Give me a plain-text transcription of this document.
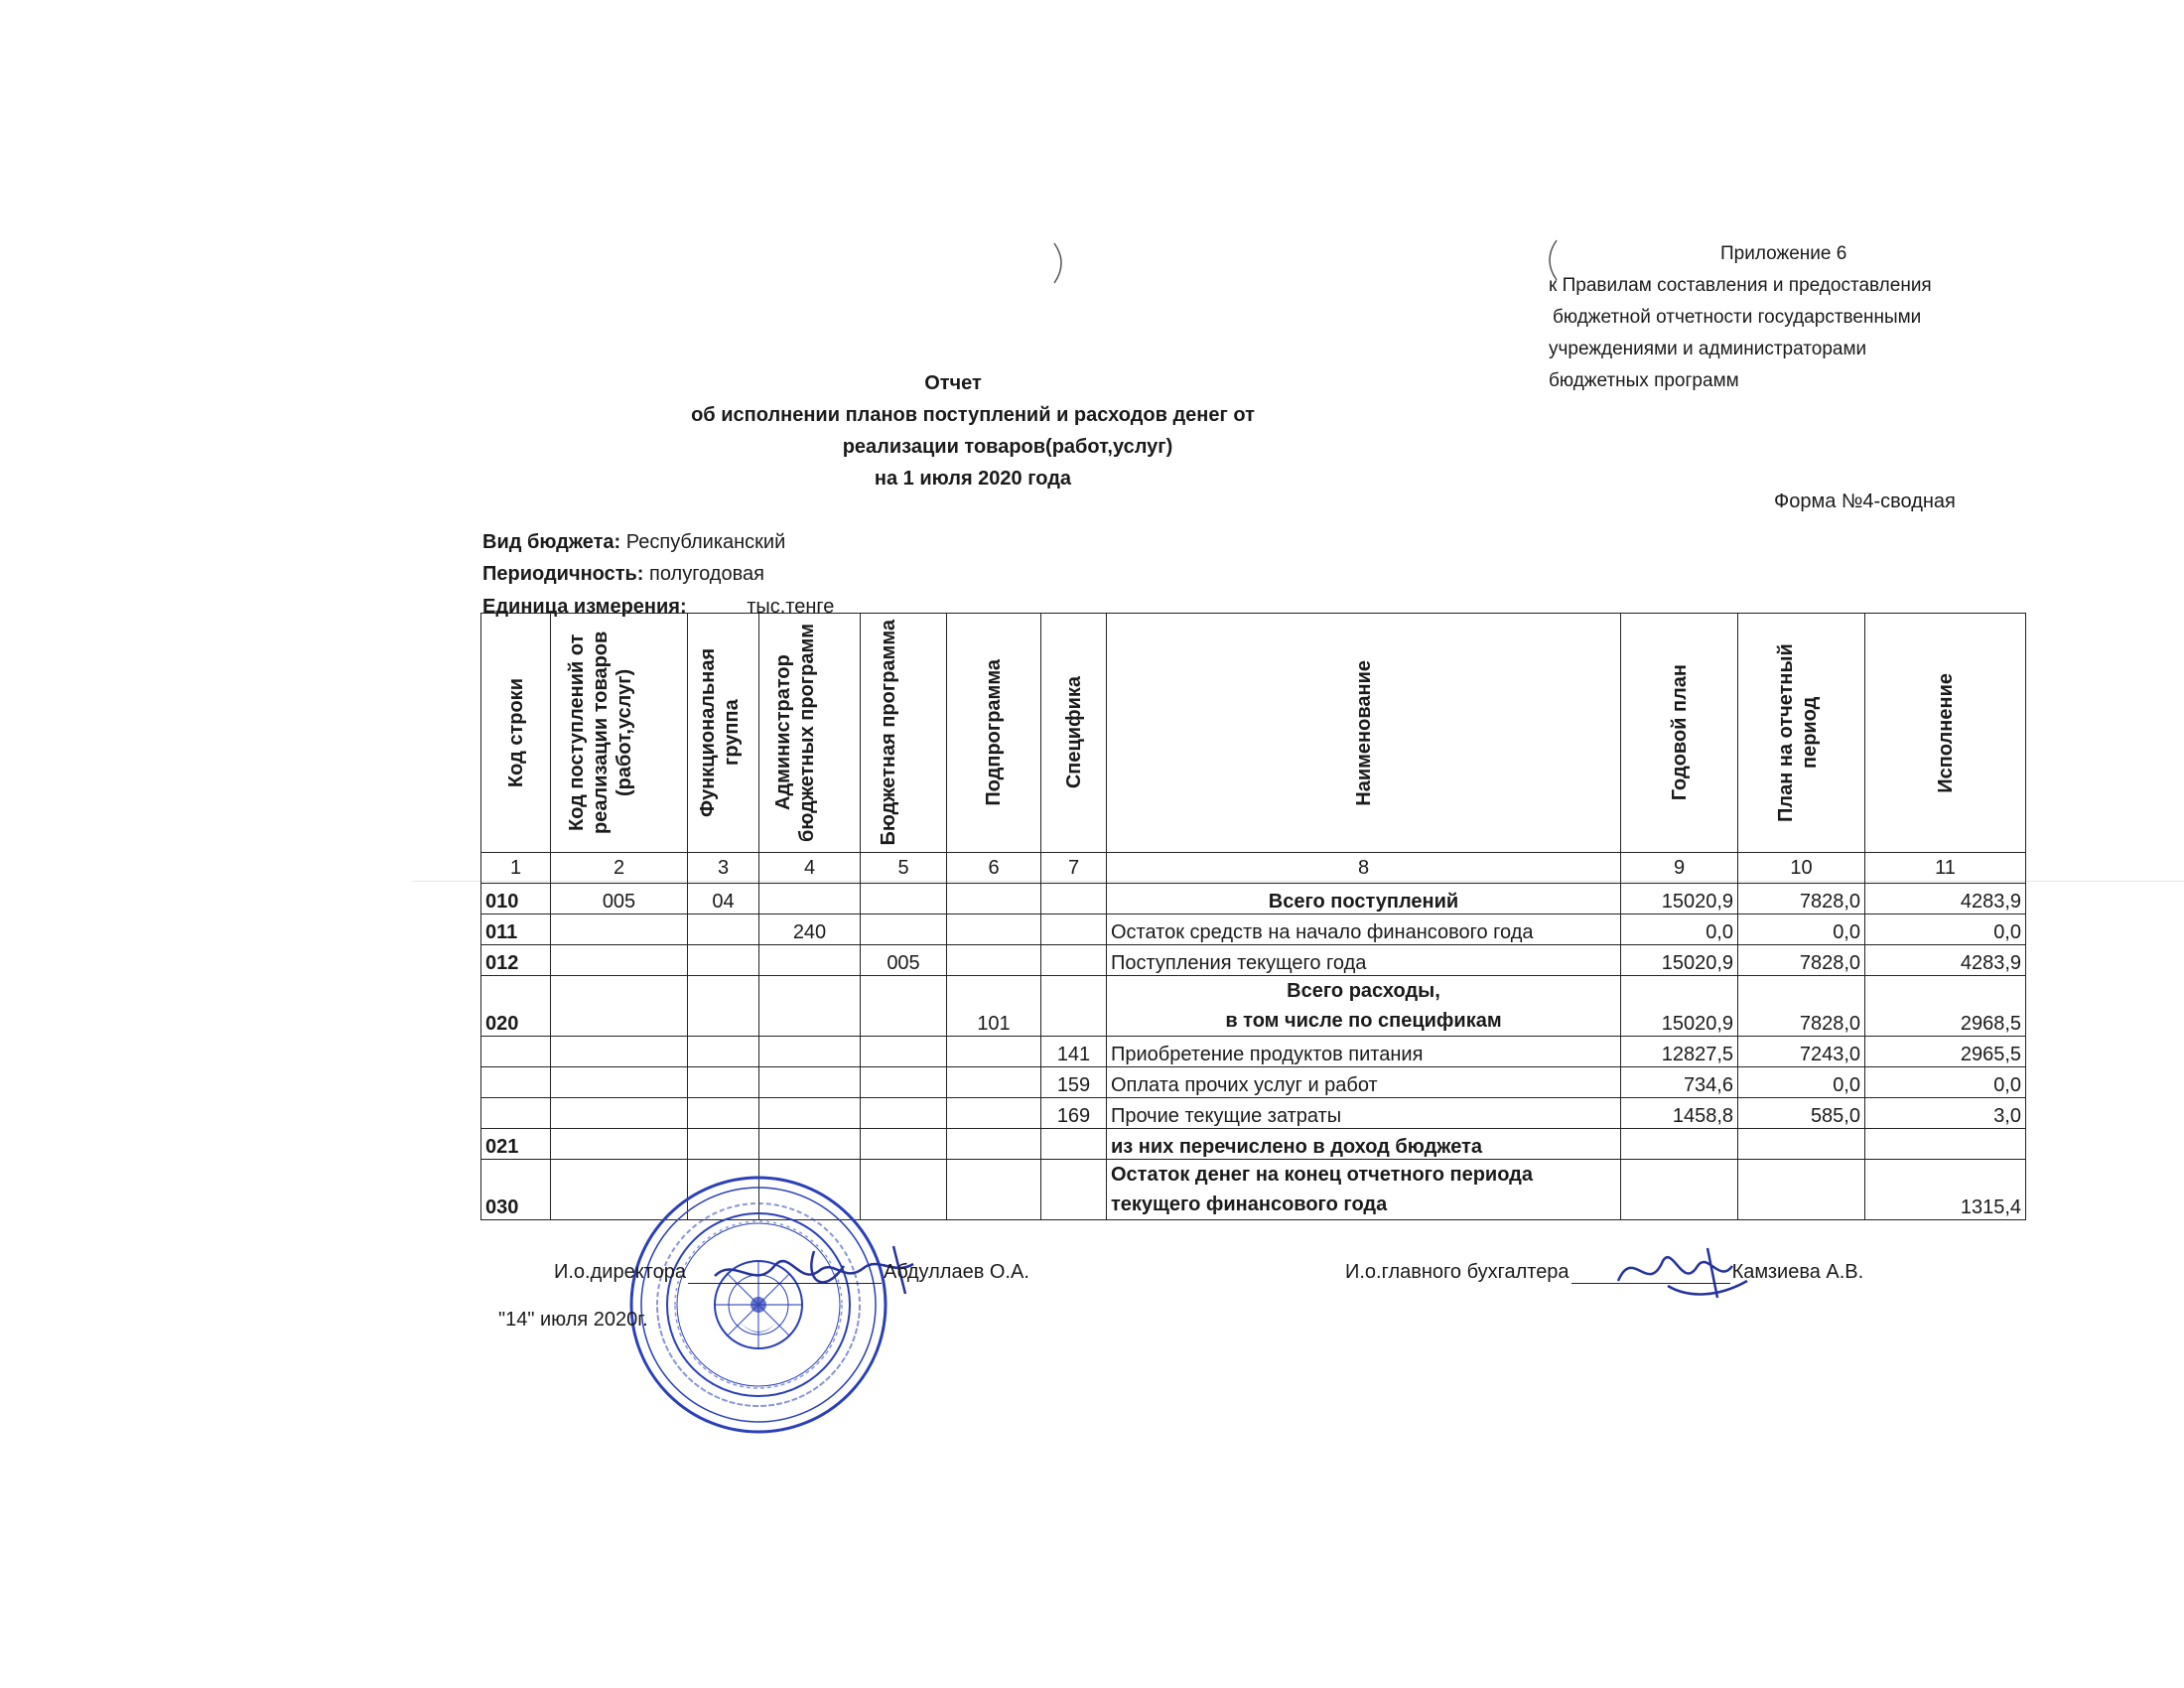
Приложение 6
к Правилам составления и предоставления
бюджетной отчетности государственными
учреждениями и администраторами
бюджетных программ
Отчет
об исполнении планов поступлений и расходов денег от
реализации товаров(работ,услуг)
на 1 июля 2020 года
Форма №4-сводная
Вид бюджета: Республиканский
Периодичность: полугодовая
Единица измерения:	тыс.тенге
Код строки	Код поступлений от реализации товаров (работ,услуг)	Функциональная группа	Администратор бюджетных программ	Бюджетная программа	Подпрограмма	Специфика	Наименование	Годовой план	План на отчетный период	Исполнение

1	2	3	4	5	6	7	8	9	10	11
010	005	04					Всего поступлений	15020,9	7828,0	4283,9
011			240				Остаток средств на начало финансового года	0,0	0,0	0,0
012				005			Поступления текущего года	15020,9	7828,0	4283,9
020					101		Всего расходы,
в том числе по спецификам	15020,9	7828,0	2968,5
						141	Приобретение продуктов питания	12827,5	7243,0	2965,5
						159	Оплата прочих услуг и работ	734,6	0,0	0,0
						169	Прочие текущие затраты	1458,8	585,0	3,0
021							из них перечислено в доход бюджета			

030							Остаток денег на конец отчетного периода
текущего финансового года			1315,4
И.о.директора	Абдуллаев О.А.	И.о.главного бухгалтера	Камзиева А.В.
"14" июля 2020г.
